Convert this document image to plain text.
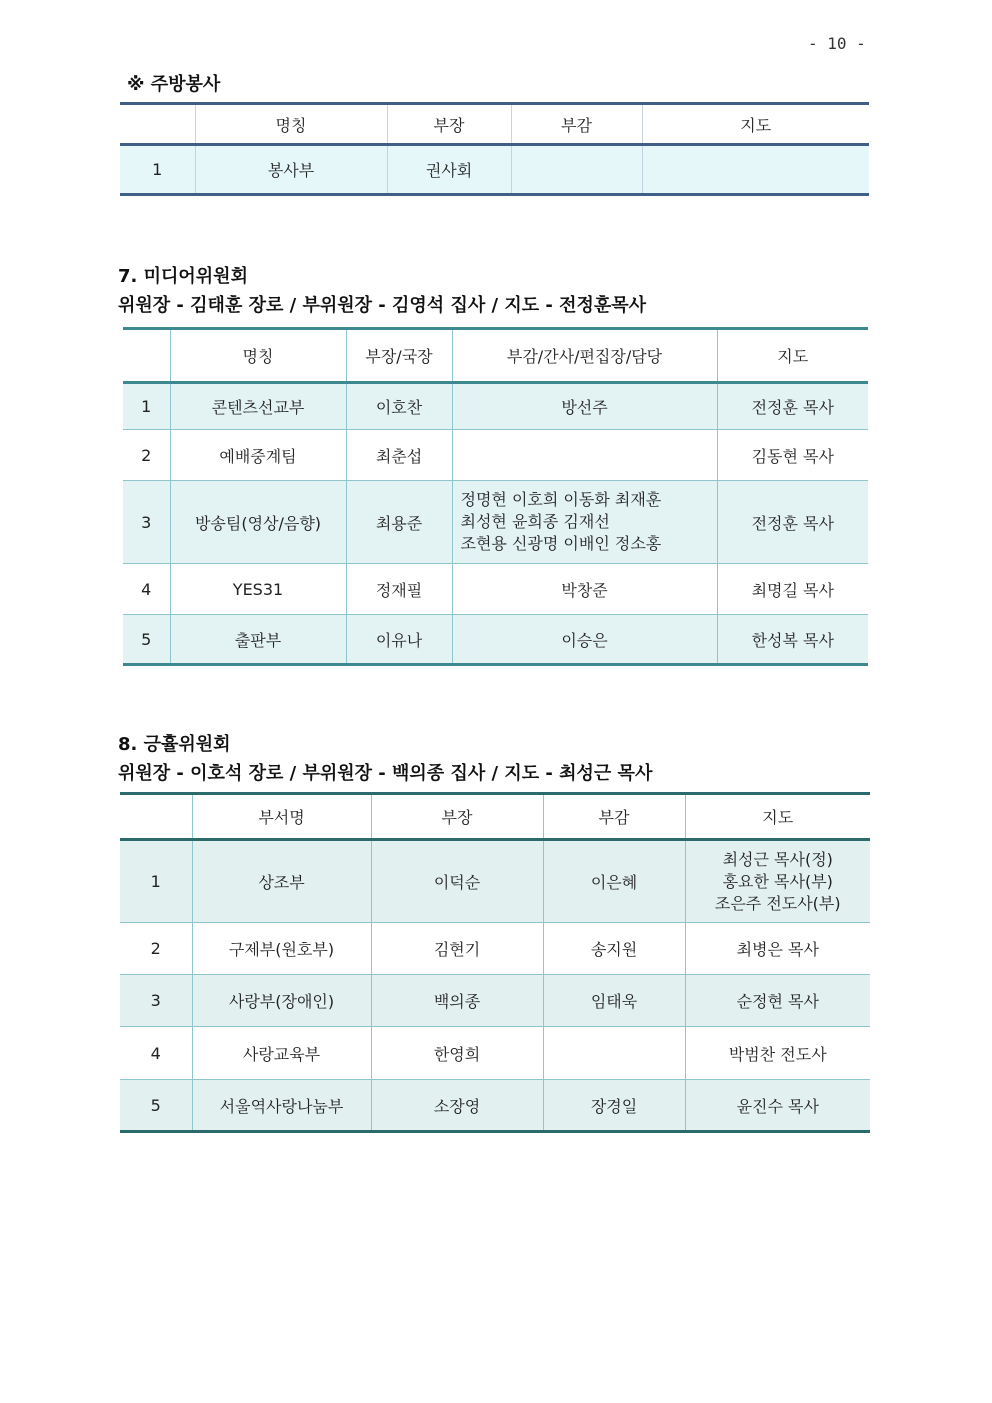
- 10 -
※ 주방봉사
	명칭	부장	부감	지도
1	봉사부	권사회		
7. 미디어위원회
위원장 - 김태훈 장로 / 부위원장 - 김영석 집사 / 지도 - 전정훈목사
	명칭	부장/국장	부감/간사/편집장/담당	지도
1	콘텐츠선교부	이호찬	방선주	전정훈 목사
2	예배중계팀	최춘섭		김동현 목사
3	방송팀(영상/음향)	최용준	정명현 이호희 이동화 최재훈
최성현 윤희종 김재선
조현용 신광명 이배인 정소홍	전정훈 목사
4	YES31	정재필	박창준	최명길 목사
5	출판부	이유나	이승은	한성복 목사
8. 긍휼위원회
위원장 - 이호석 장로 / 부위원장 - 백의종 집사 / 지도 - 최성근 목사
	부서명	부장	부감	지도
1	상조부	이덕순	이은혜	최성근 목사(정)
홍요한 목사(부)
조은주 전도사(부)

2	구제부(원호부)	김현기	송지원	최병은 목사
3	사랑부(장애인)	백의종	임태욱	순정현 목사
4	사랑교육부	한영희		박범찬 전도사
5	서울역사랑나눔부	소장영	장경일	윤진수 목사
